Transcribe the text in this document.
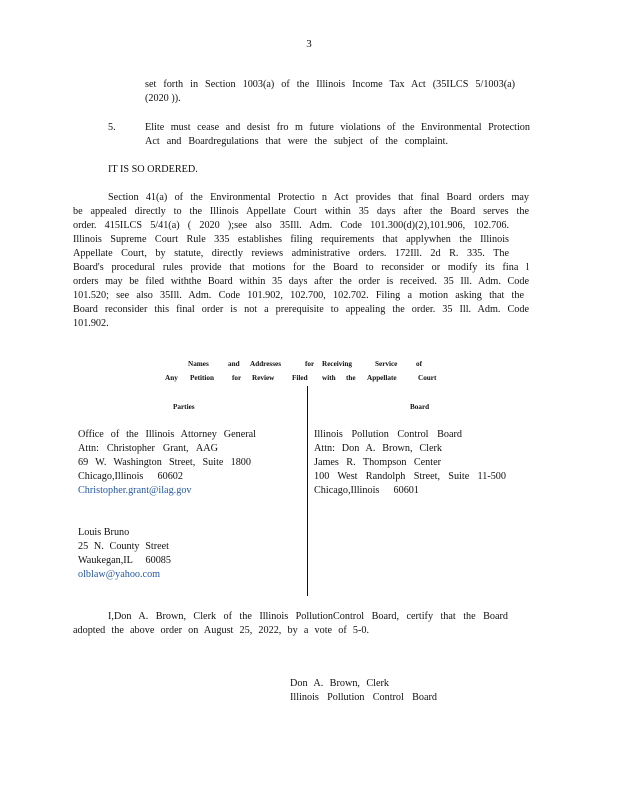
3
set forth in Section 1003(a) of the Illinois Income Tax Act (35ILCS 5/1003(a)
(2020 )).
5.	Elite must cease and desist fro m future violations of the Environmental Protection
Act and Boardregulations that were the subject of the complaint.
IT IS SO ORDERED.
Section 41(a) of the Environmental Protectio n Act provides that final Board orders may
be appealed directly to the Illinois Appellate Court within 35 days after the Board serves the
order. 415ILCS 5/41(a) ( 2020 );see also 35Ill. Adm. Code 101.300(d)(2),101.906, 102.706.
Illinois Supreme Court Rule 335 establishes filing requirements that applywhen the Illinois
Appellate Court, by statute, directly reviews administrative orders. 172Ill. 2d R. 335. The
Board's procedural rules provide that motions for the Board to reconsider or modify its fina l
orders may be filed withthe Board within 35 days after the order is received. 35 Ill. Adm. Code
101.520; see also 35Ill. Adm. Code 101.902, 102.700, 102.702. Filing a motion asking that the
Board reconsider this final order is not a prerequisite to appealing the order. 35 Ill. Adm. Code
101.902.
Names	and Addresses	for Receiving	Service	of
Any Petition	for Review Filed with the Appellate	Court
Parties	Board
Office of the Illinois Attorney General
Attn: Christopher Grant, AAG
69 W. Washington Street, Suite 1800
Chicago,Illinois 60602
Christopher.grant@ilag.gov
Louis Bruno
25 N. County Street
Waukegan,IL 60085
olblaw@yahoo.com
Illinois Pollution Control Board
Attn: Don A. Brown, Clerk
James R. Thompson Center
100 West Randolph Street, Suite 11-500
Chicago,Illinois 60601
I,Don A. Brown, Clerk of the Illinois PollutionControl Board, certify that the Board
adopted the above order on August 25, 2022, by a vote of 5-0.
Don A. Brown, Clerk
Illinois Pollution Control Board
